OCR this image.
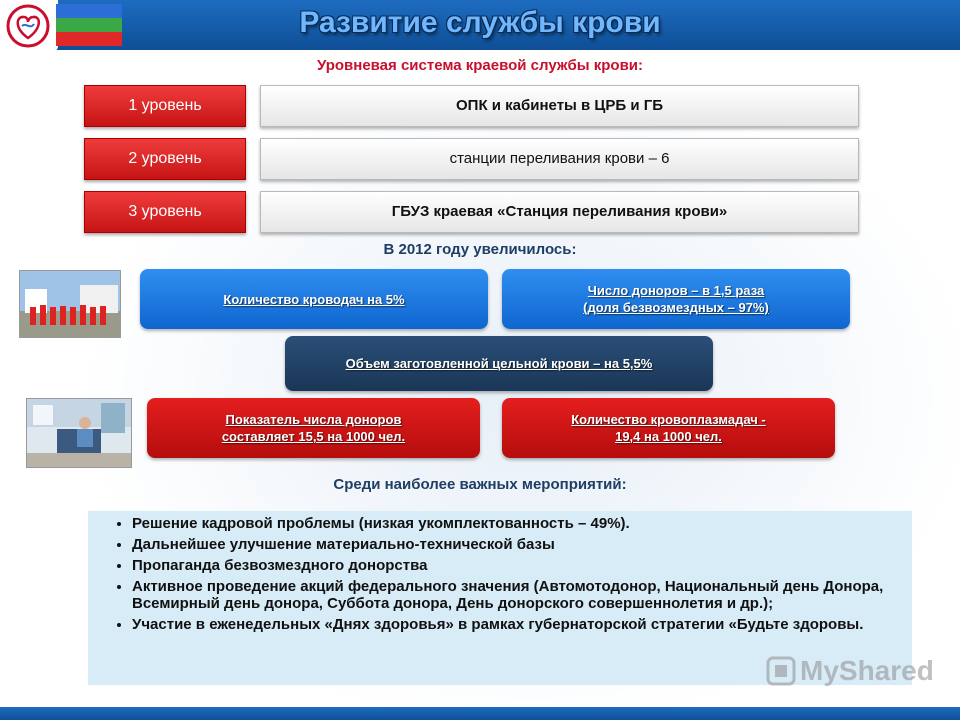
Развитие службы крови
Уровневая система краевой службы крови:
1 уровень	ОПК и кабинеты в ЦРБ и ГБ
2 уровень	станции переливания крови – 6
3 уровень	ГБУЗ краевая «Станция переливания крови»
В 2012 году увеличилось:
Количество кроводач на 5%
Число доноров – в 1,5 раза
(доля безвозмездных – 97%)
Объем заготовленной цельной крови – на 5,5%
Показатель числа доноров
составляет 15,5 на 1000 чел.
Количество кровоплазмадач -
19,4 на 1000 чел.
Среди наиболее важных мероприятий:
• Решение кадровой проблемы (низкая укомплектованность – 49%).
• Дальнейшее улучшение материально-технической базы
• Пропаганда безвозмездного донорства
• Активное проведение акций федерального значения (Автомотодонор, Национальный день Донора, Всемирный день донора, Суббота донора, День донорского совершеннолетия и др.);
• Участие в еженедельных «Днях здоровья» в рамках губернаторской стратегии «Будьте здоровы.
MyShared
